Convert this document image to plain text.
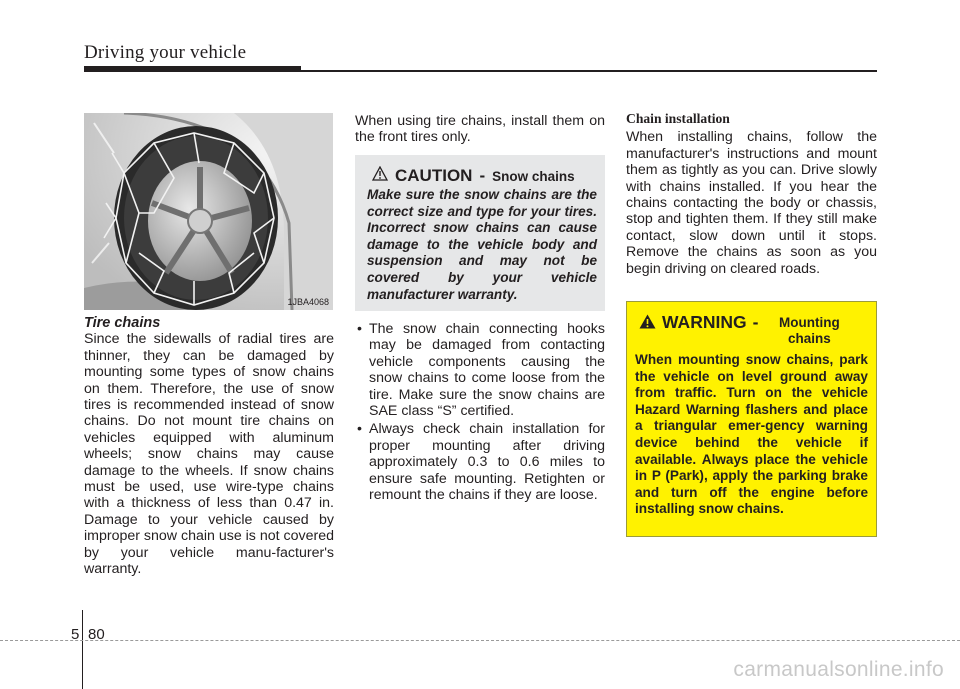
Driving your vehicle
1JBA4068

Tire chains

Since the sidewalls of radial tires are thinner, they can be damaged by mounting some types of snow chains on them. Therefore, the use of snow tires is recommended instead of snow chains. Do not mount tire chains on vehicles equipped with aluminum wheels; snow chains may cause damage to the wheels. If snow chains must be used, use wire-type chains with a thickness of less than 0.47 in. Damage to your vehicle caused by improper snow chain use is not covered by your vehicle manu-facturer's warranty.

When using tire chains, install them on the front tires only.

CAUTION - Snow chains
Make sure the snow chains are the correct size and type for your tires. Incorrect snow chains can cause damage to the vehicle body and suspension and may not be covered by your vehicle manufacturer warranty.
• The snow chain connecting hooks may be damaged from contacting vehicle components causing the snow chains to come loose from the tire. Make sure the snow chains are SAE class “S” certified.
• Always check chain installation for proper mounting after driving approximately 0.3 to 0.6 miles to ensure safe mounting. Retighten or remount the chains if they are loose.

Chain installation

When installing chains, follow the manufacturer's instructions and mount them as tightly as you can. Drive slowly with chains installed. If you hear the chains contacting the body or chassis, stop and tighten them. If they still make contact, slow down until it stops. Remove the chains as soon as you begin driving on cleared roads.

WARNING -	Mounting chains
When mounting snow chains, park the vehicle on level ground away from traffic. Turn on the vehicle Hazard Warning flashers and place a triangular emer-gency warning device behind the vehicle if available. Always place the vehicle in P (Park), apply the parking brake and turn off the engine before installing snow chains.
5 80
carmanualsonline.info
